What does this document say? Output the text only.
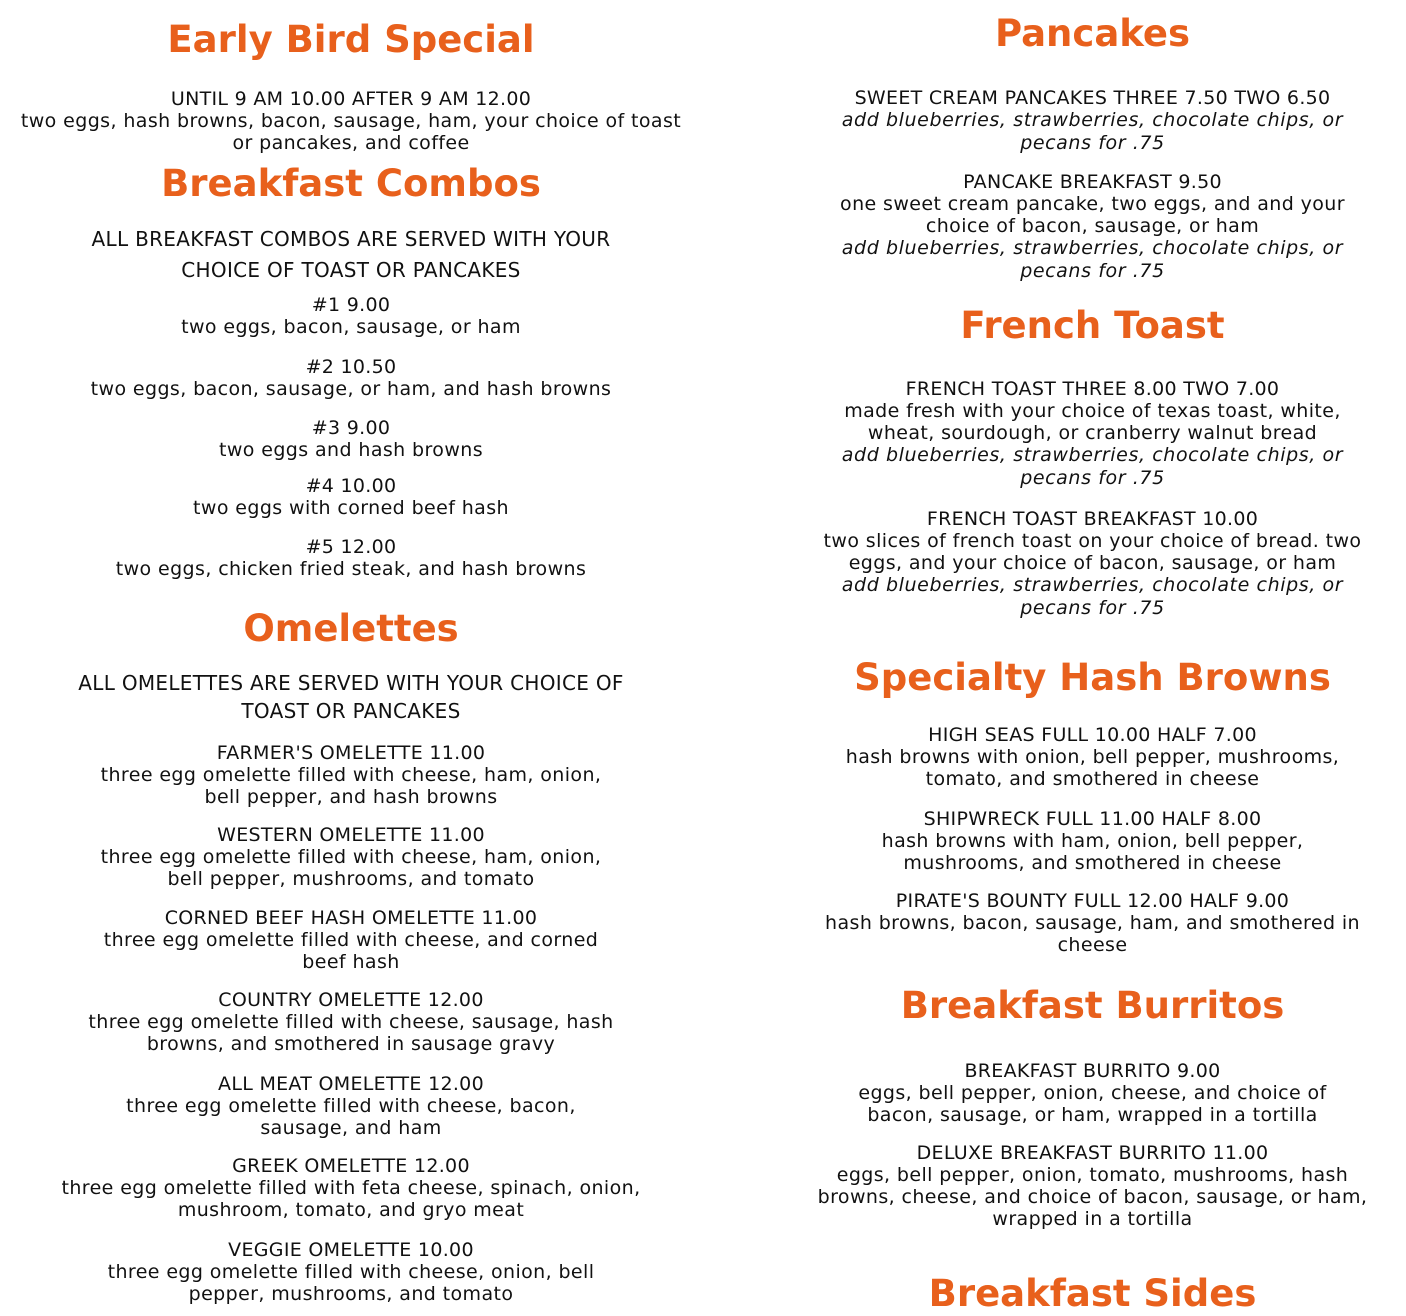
Early Bird Special
UNTIL 9 AM 10.00 AFTER 9 AM 12.00
two eggs, hash browns, bacon, sausage, ham, your choice of toast or pancakes, and coffee
Breakfast Combos
ALL BREAKFAST COMBOS ARE SERVED WITH YOUR CHOICE OF TOAST OR PANCAKES
#1 9.00
two eggs, bacon, sausage, or ham
#2 10.50
two eggs, bacon, sausage, or ham, and hash browns
#3 9.00
two eggs and hash browns
#4 10.00
two eggs with corned beef hash
#5 12.00
two eggs, chicken fried steak, and hash browns
Omelettes
ALL OMELETTES ARE SERVED WITH YOUR CHOICE OF TOAST OR PANCAKES
FARMER'S OMELETTE 11.00
three egg omelette filled with cheese, ham, onion, bell pepper, and hash browns
WESTERN OMELETTE 11.00
three egg omelette filled with cheese, ham, onion, bell pepper, mushrooms, and tomato
CORNED BEEF HASH OMELETTE 11.00
three egg omelette filled with cheese, and corned beef hash
COUNTRY OMELETTE 12.00
three egg omelette filled with cheese, sausage, hash browns, and smothered in sausage gravy
ALL MEAT OMELETTE 12.00
three egg omelette filled with cheese, bacon, sausage, and ham
GREEK OMELETTE 12.00
three egg omelette filled with feta cheese, spinach, onion, mushroom, tomato, and gryo meat
VEGGIE OMELETTE 10.00
three egg omelette filled with cheese, onion, bell pepper, mushrooms, and tomato
Pancakes
SWEET CREAM PANCAKES THREE 7.50 TWO 6.50
add blueberries, strawberries, chocolate chips, or pecans for .75
PANCAKE BREAKFAST 9.50
one sweet cream pancake, two eggs, and and your choice of bacon, sausage, or ham
add blueberries, strawberries, chocolate chips, or pecans for .75
French Toast
FRENCH TOAST THREE 8.00 TWO 7.00
made fresh with your choice of texas toast, white, wheat, sourdough, or cranberry walnut bread
add blueberries, strawberries, chocolate chips, or pecans for .75
FRENCH TOAST BREAKFAST 10.00
two slices of french toast on your choice of bread. two eggs, and your choice of bacon, sausage, or ham
add blueberries, strawberries, chocolate chips, or pecans for .75
Specialty Hash Browns
HIGH SEAS FULL 10.00 HALF 7.00
hash browns with onion, bell pepper, mushrooms, tomato, and smothered in cheese
SHIPWRECK FULL 11.00 HALF 8.00
hash browns with ham, onion, bell pepper, mushrooms, and smothered in cheese
PIRATE'S BOUNTY FULL 12.00 HALF 9.00
hash browns, bacon, sausage, ham, and smothered in cheese
Breakfast Burritos
BREAKFAST BURRITO 9.00
eggs, bell pepper, onion, cheese, and choice of bacon, sausage, or ham, wrapped in a tortilla
DELUXE BREAKFAST BURRITO 11.00
eggs, bell pepper, onion, tomato, mushrooms, hash browns, cheese, and choice of bacon, sausage, or ham, wrapped in a tortilla
Breakfast Sides
